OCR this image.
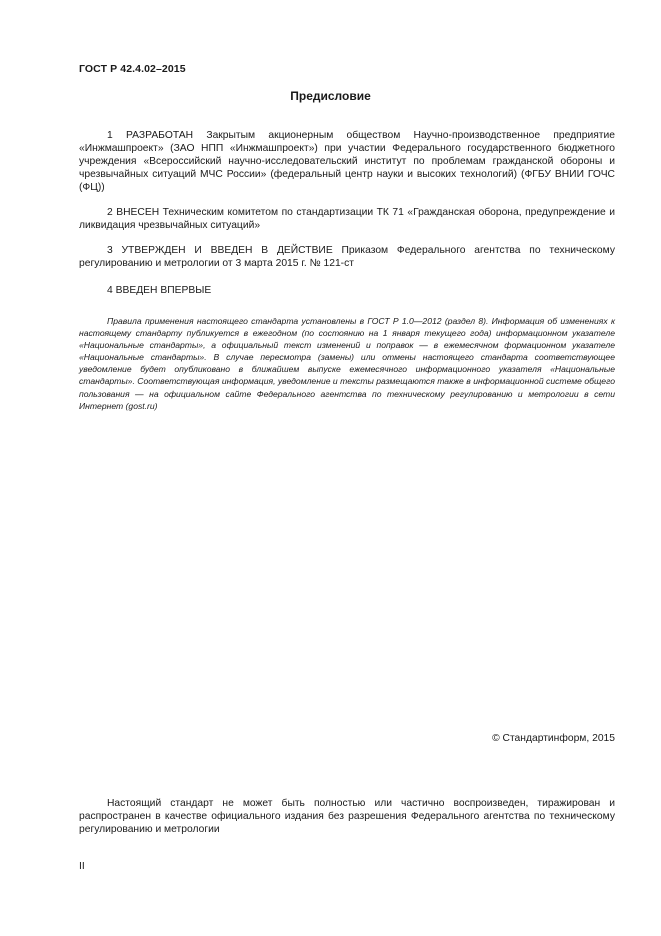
ГОСТ Р 42.4.02–2015
Предисловие

1 РАЗРАБОТАН Закрытым акционерным обществом Научно-производственное предприятие «Инжмашпроект» (ЗАО НПП «Инжмашпроект») при участии Федерального государственного бюджетного учреждения «Всероссийский научно-исследовательский институт по проблемам гражданской обороны и чрезвычайных ситуаций МЧС России» (федеральный центр науки и высоких технологий) (ФГБУ ВНИИ ГОЧС (ФЦ))

2 ВНЕСЕН Техническим комитетом по стандартизации ТК 71 «Гражданская оборона, предупреждение и ликвидация чрезвычайных ситуаций»

3 УТВЕРЖДЕН И ВВЕДЕН В ДЕЙСТВИЕ Приказом Федерального агентства по техническому регулированию и метрологии от 3 марта 2015 г. № 121-ст

4 ВВЕДЕН ВПЕРВЫЕ

Правила применения настоящего стандарта установлены в ГОСТ Р 1.0—2012 (раздел 8). Информация об изменениях к настоящему стандарту публикуется в ежегодном (по состоянию на 1 января текущего года) информационном указателе «Национальные стандарты», а официальный текст изменений и поправок — в ежемесячном формационном указателе «Национальные стандарты». В случае пересмотра (замены) или отмены настоящего стандарта соответствующее уведомление будет опубликовано в ближайшем выпуске ежемесячного информационного указателя «Национальные стандарты». Соответствующая информация, уведомление и тексты размещаются также в информационной системе общего пользования — на официальном сайте Федерального агентства по техническому регулированию и метрологии в сети Интернет (gost.ru)

© Стандартинформ, 2015

Настоящий стандарт не может быть полностью или частично воспроизведен, тиражирован и распространен в качестве официального издания без разрешения Федерального агентства по техническому регулированию и метрологии

II
